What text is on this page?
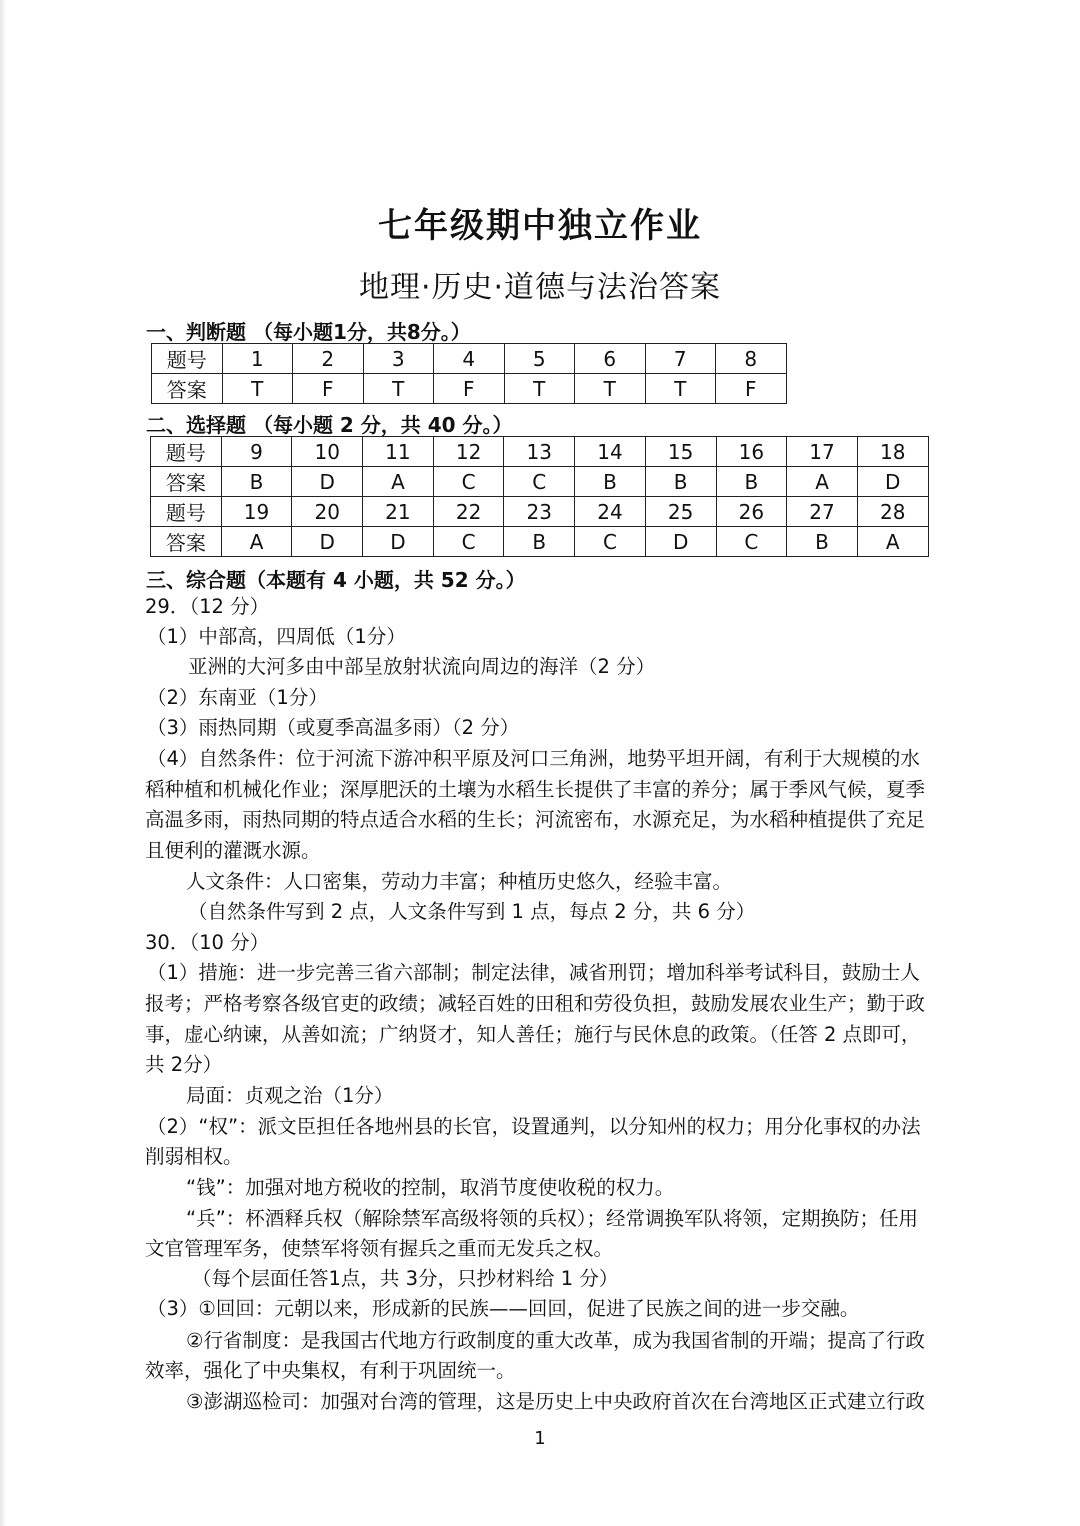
七年级期中独立作业
地理·历史·道德与法治答案
一、判断题 （每小题1分，共8分。）
题号	1	2	3	4	5	6	7	8
答案	T	F	T	F	T	T	T	F
二、选择题 （每小题 2 分，共 40 分。）
题号	9	10	11	12	13	14	15	16	17	18
答案	B	D	A	C	C	B	B	B	A	D
题号	19	20	21	22	23	24	25	26	27	28
答案	A	D	D	C	B	C	D	C	B	A
三、综合题（本题有 4 小题，共 52 分。）
29．（12 分）
（1）中部高，四周低（1分）
亚洲的大河多由中部呈放射状流向周边的海洋（2 分）
（2）东南亚（1分）
（3）雨热同期（或夏季高温多雨）（2 分）
（4）自然条件：位于河流下游冲积平原及河口三角洲，地势平坦开阔，有利于大规模的水
稻种植和机械化作业；深厚肥沃的土壤为水稻生长提供了丰富的养分；属于季风气候，夏季
高温多雨，雨热同期的特点适合水稻的生长；河流密布，水源充足，为水稻种植提供了充足
且便利的灌溉水源。
人文条件：人口密集，劳动力丰富；种植历史悠久，经验丰富。
（自然条件写到 2 点，人文条件写到 1 点，每点 2 分，共 6 分）
30．（10 分）
（1）措施：进一步完善三省六部制；制定法律，减省刑罚；增加科举考试科目，鼓励士人
报考；严格考察各级官吏的政绩；减轻百姓的田租和劳役负担，鼓励发展农业生产；勤于政
事，虚心纳谏，从善如流；广纳贤才，知人善任；施行与民休息的政策。（任答 2 点即可，
共 2分）
局面：贞观之治（1分）
（2）“权”：派文臣担任各地州县的长官，设置通判，以分知州的权力；用分化事权的办法
削弱相权。
“钱”：加强对地方税收的控制，取消节度使收税的权力。
“兵”：杯酒释兵权（解除禁军高级将领的兵权）；经常调换军队将领，定期换防；任用
文官管理军务，使禁军将领有握兵之重而无发兵之权。
（每个层面任答1点，共 3分，只抄材料给 1 分）
（3）①回回：元朝以来，形成新的民族——回回，促进了民族之间的进一步交融。
②行省制度：是我国古代地方行政制度的重大改革，成为我国省制的开端；提高了行政
效率，强化了中央集权，有利于巩固统一。
③澎湖巡检司：加强对台湾的管理，这是历史上中央政府首次在台湾地区正式建立行政
1
